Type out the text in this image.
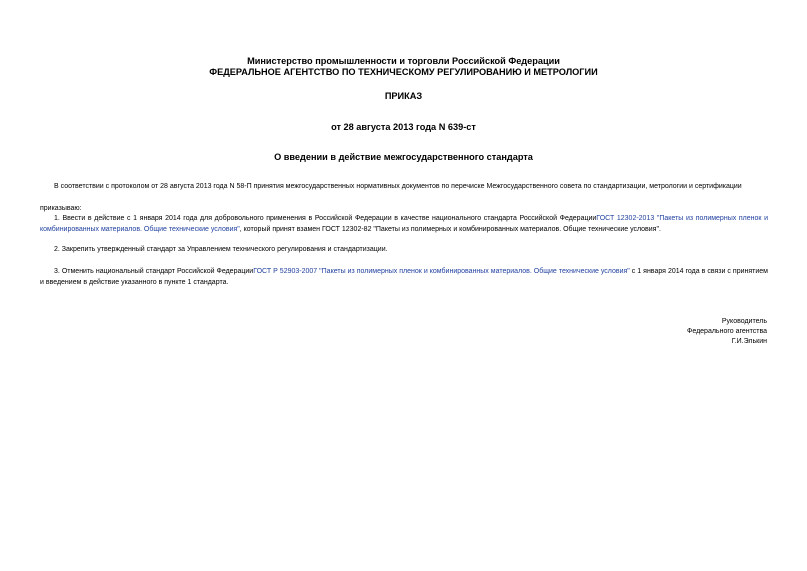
Министерство промышленности и торговли Российской Федерации
ФЕДЕРАЛЬНОЕ АГЕНТСТВО ПО ТЕХНИЧЕСКОМУ РЕГУЛИРОВАНИЮ И МЕТРОЛОГИИ
ПРИКАЗ
от 28 августа 2013 года N 639-ст
О введении в действие межгосударственного стандарта
В соответствии с протоколом от 28 августа 2013 года N 58-П принятия межгосударственных нормативных документов по перечиске Межгосударственного совета по стандартизации, метрологии и сертификации
приказываю:
1. Ввести в действие с 1 января 2014 года для добровольного применения в Российской Федерации в качестве национального стандарта Российской ФедерацииГОСТ 12302-2013 "Пакеты из полимерных пленок и комбинированных материалов. Общие технические условия", который принят взамен ГОСТ 12302-82 "Пакеты из полимерных и комбинированных материалов. Общие технические условия".
2. Закрепить утвержденный стандарт за Управлением технического регулирования и стандартизации.
3. Отменить национальный стандарт Российской ФедерацииГОСТ Р 52903-2007 "Пакеты из полимерных пленок и комбинированных материалов. Общие технические условия" с 1 января 2014 года в связи с принятием и введением в действие указанного в пункте 1 стандарта.
Руководитель
Федерального агентства
Г.И.Элькин
